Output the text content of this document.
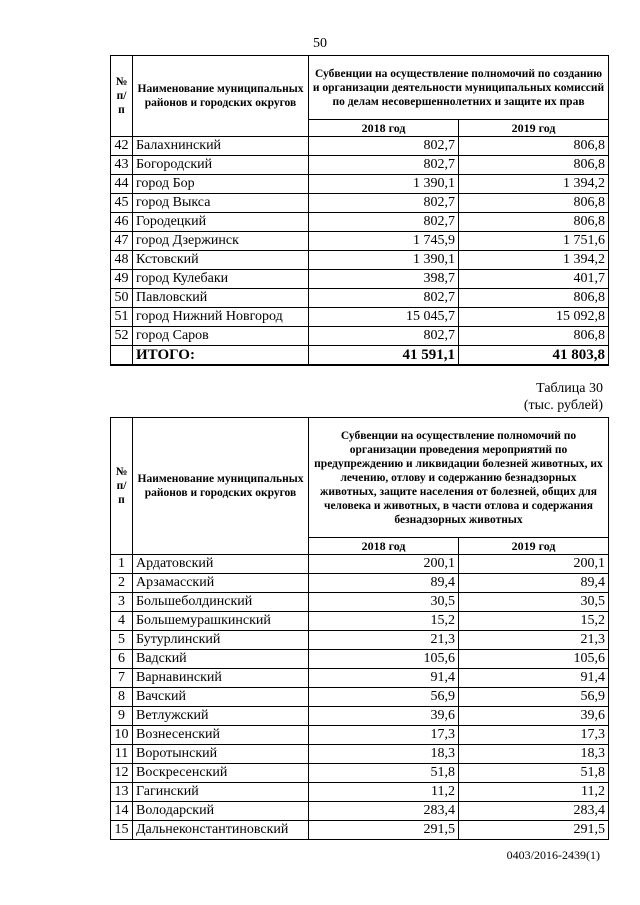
50
№ п/п	Наименование муниципальных районов и городских округов	Субвенции на осуществление полномочий по созданию и организации деятельности муниципальных комиссий по делам несовершеннолетних и защите их прав	
		2018 год	2019 год
42	Балахнинский	802,7	806,8
43	Богородский	802,7	806,8
44	город Бор	1 390,1	1 394,2
45	город Выкса	802,7	806,8
46	Городецкий	802,7	806,8
47	город Дзержинск	1 745,9	1 751,6
48	Кстовский	1 390,1	1 394,2
49	город Кулебаки	398,7	401,7
50	Павловский	802,7	806,8
51	город Нижний Новгород	15 045,7	15 092,8
52	город Саров	802,7	806,8
	ИТОГО:	41 591,1	41 803,8
Таблица 30
(тыс. рублей)
№ п/п	Наименование муниципальных районов и городских округов	Субвенции на осуществление полномочий по организации проведения мероприятий по предупреждению и ликвидации болезней животных, их лечению, отлову и содержанию безнадзорных животных, защите населения от болезней, общих для человека и животных, в части отлова и содержания безнадзорных животных	
		2018 год	2019 год
1	Ардатовский	200,1	200,1
2	Арзамасский	89,4	89,4
3	Большеболдинский	30,5	30,5
4	Большемурашкинский	15,2	15,2
5	Бутурлинский	21,3	21,3
6	Вадский	105,6	105,6
7	Варнавинский	91,4	91,4
8	Вачский	56,9	56,9
9	Ветлужский	39,6	39,6
10	Вознесенский	17,3	17,3
11	Воротынский	18,3	18,3
12	Воскресенский	51,8	51,8
13	Гагинский	11,2	11,2
14	Володарский	283,4	283,4
15	Дальнеконстантиновский	291,5	291,5
0403/2016-2439(1)
